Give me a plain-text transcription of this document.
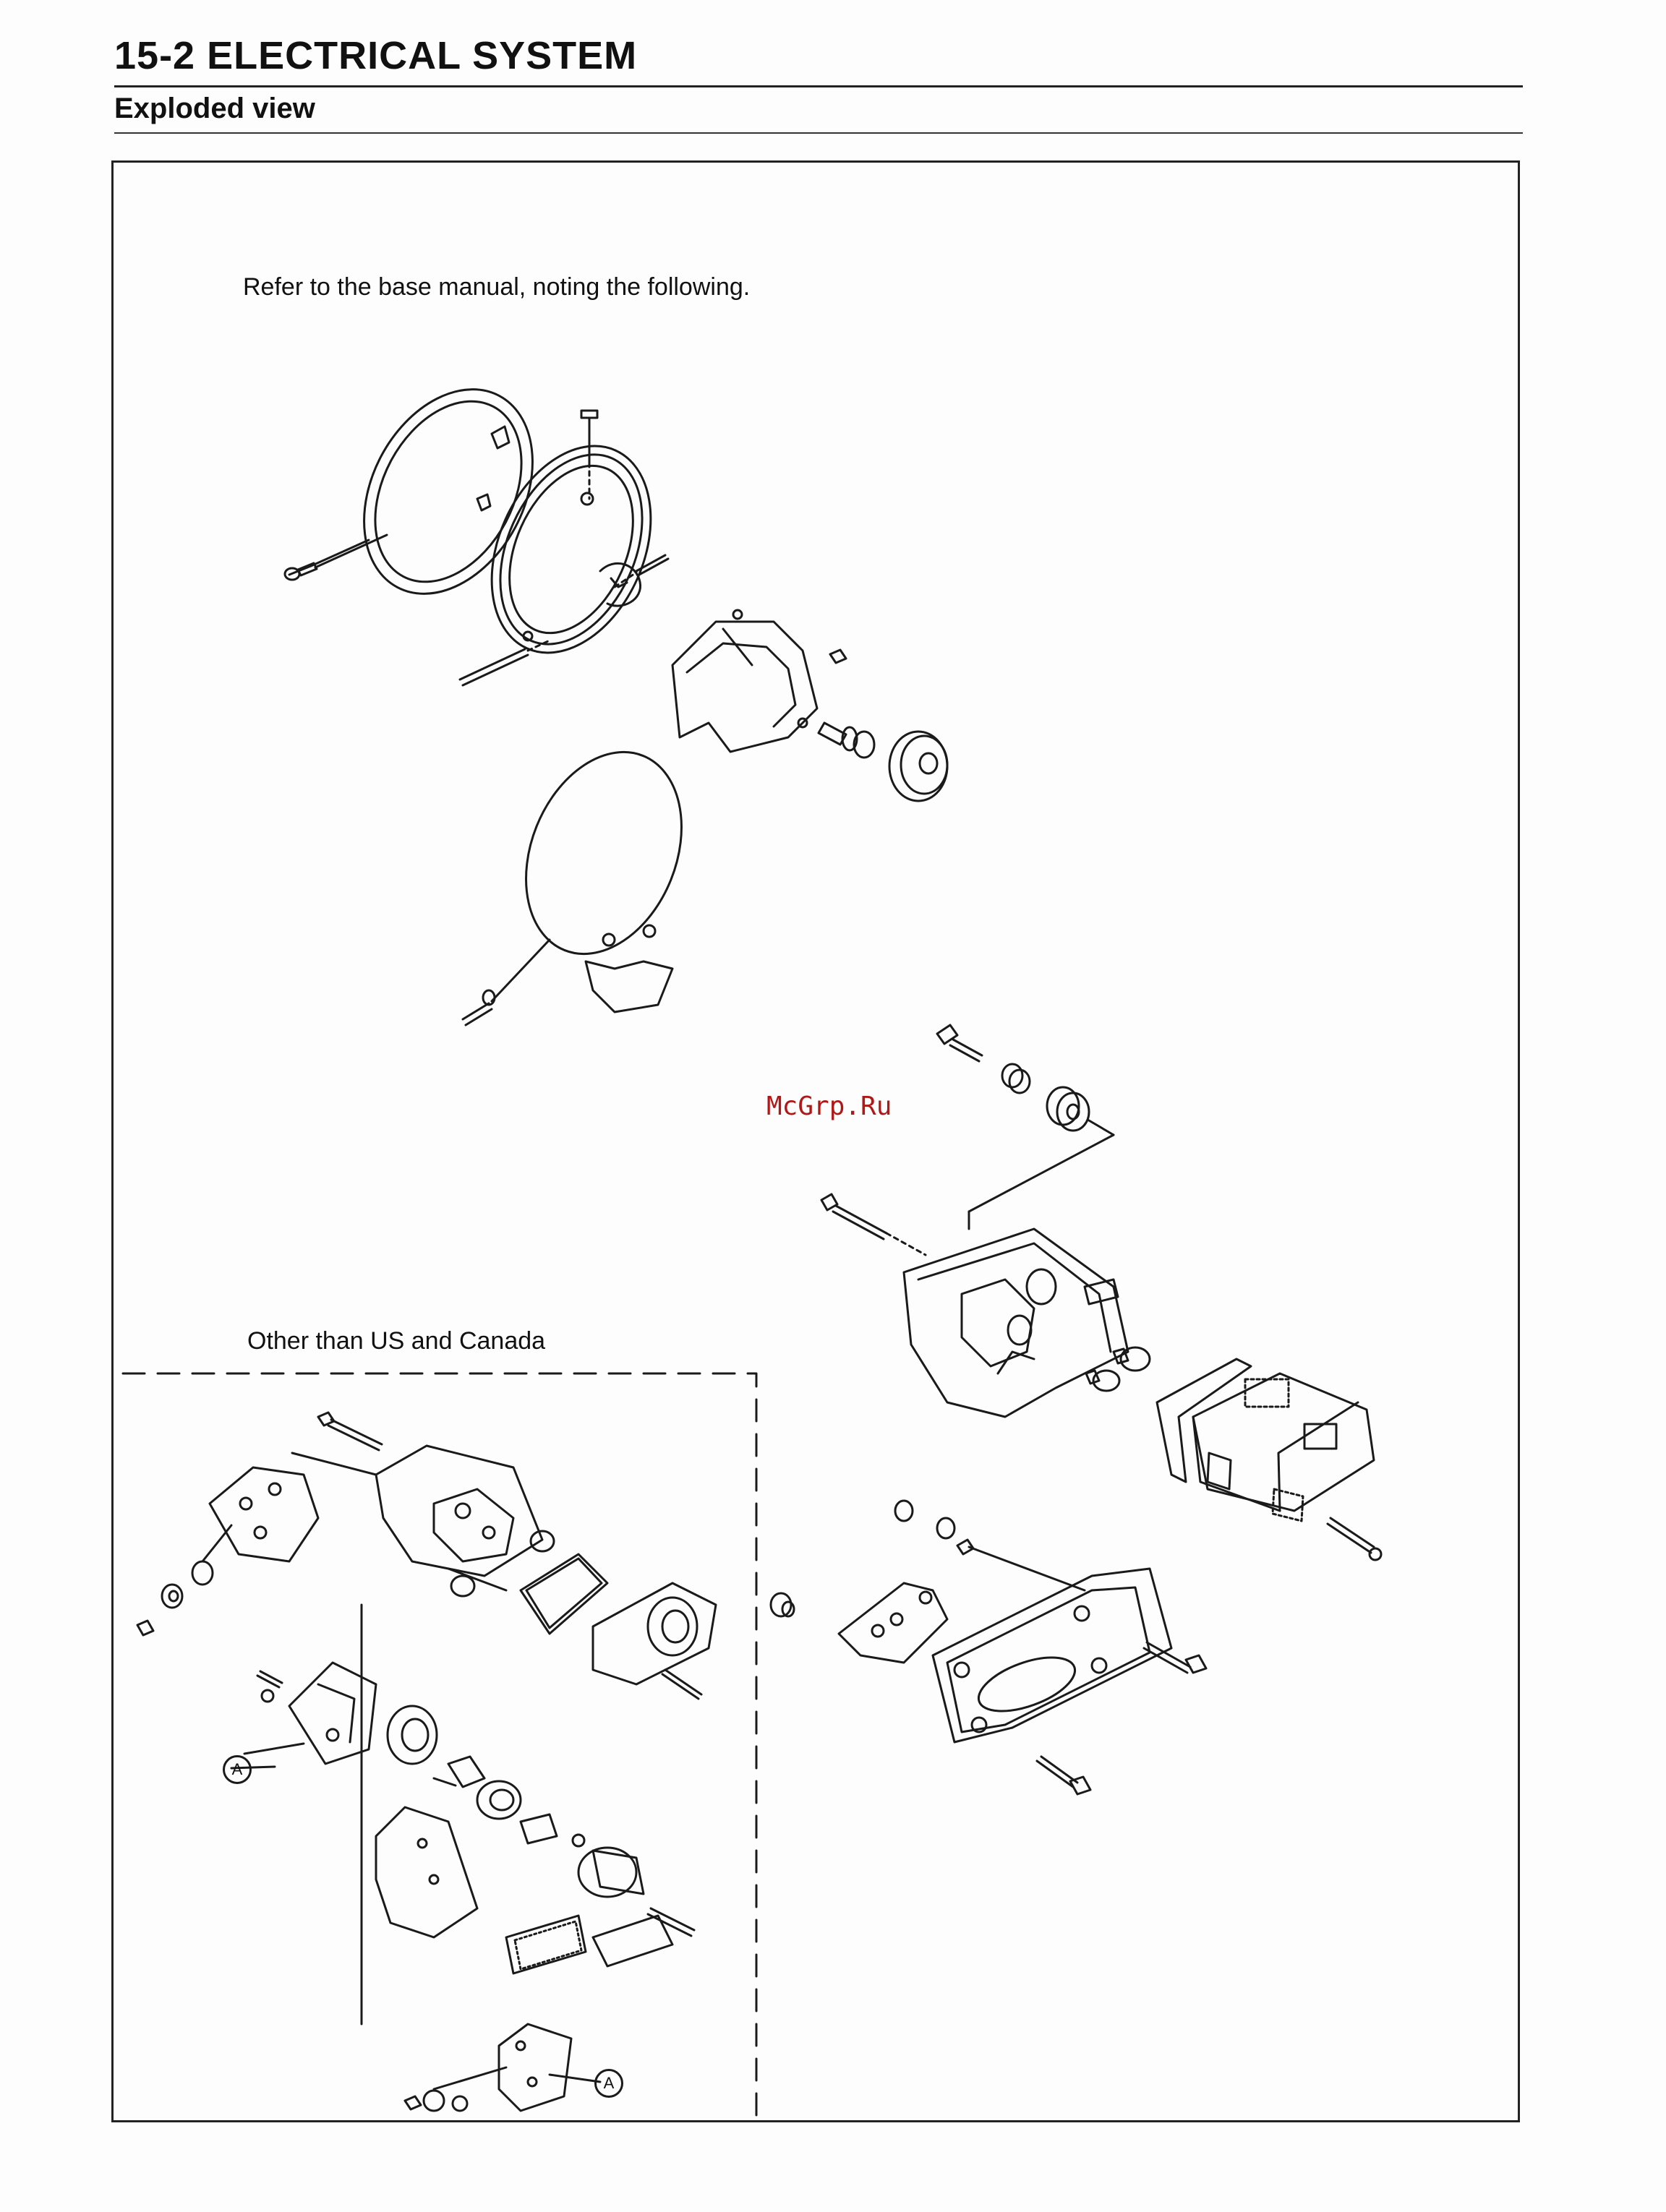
15-2 ELECTRICAL SYSTEM
Exploded view
Refer to the base manual, noting the following.
Other than US and Canada
A
A
McGrp.Ru
